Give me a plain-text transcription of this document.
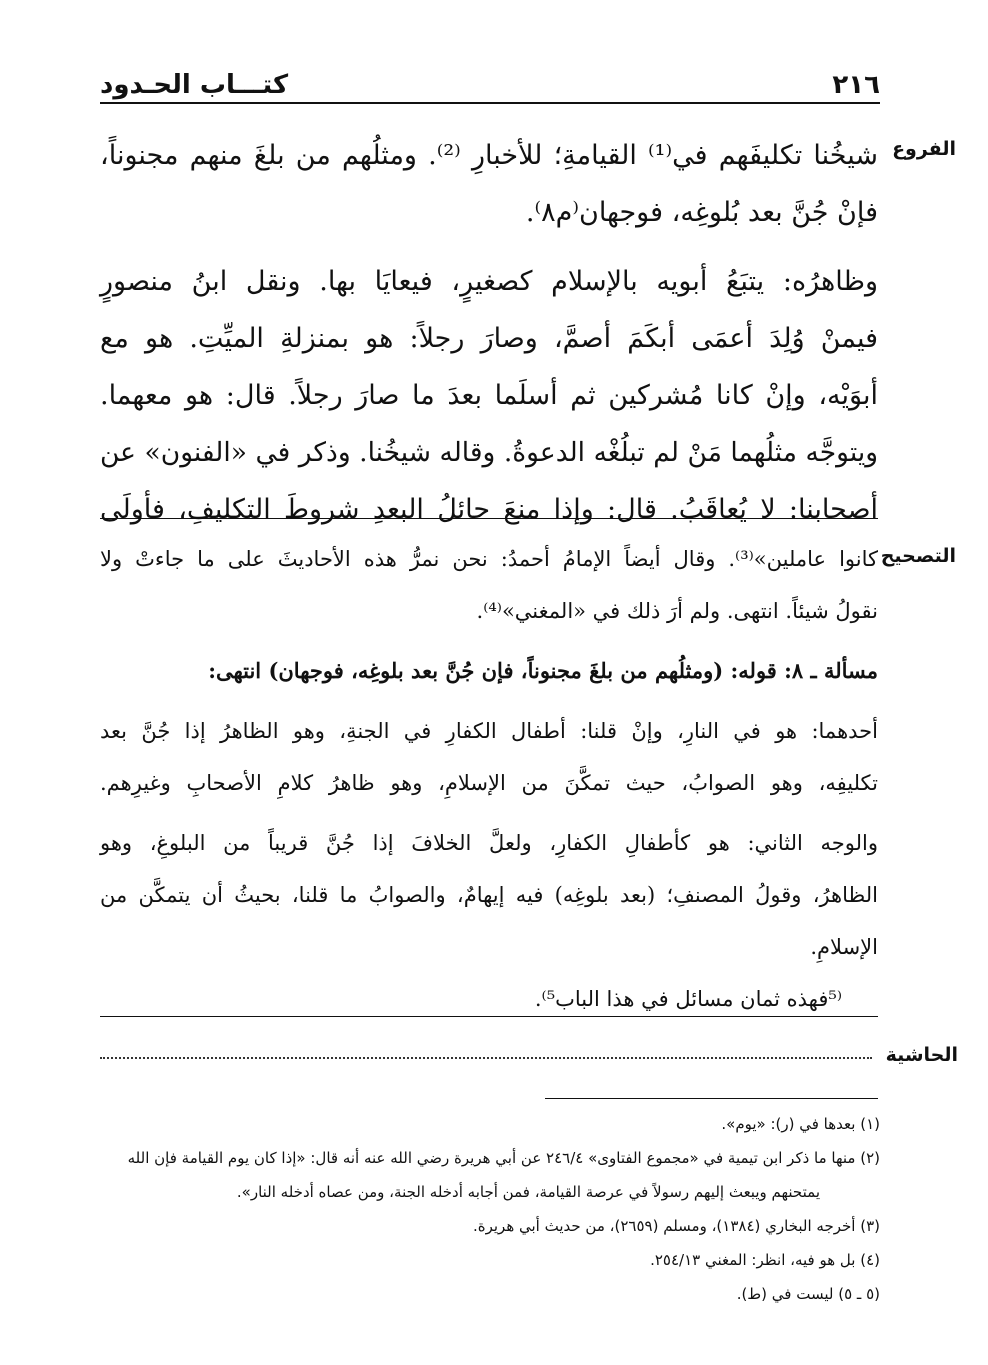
٢١٦
كتـــاب الحـدود
الفروع
شيخُنا تكليفَهم في⁽¹⁾ القيامةِ؛ للأخبارِ ⁽²⁾. ومثلُهم من بلغَ منهم مجنوناً،
فإنْ جُنَّ بعد بُلوغِه، فوجهان⁽م٨⁾.
وظاهرُه: يتبَعُ أبويه بالإسلام كصغيرٍ، فيعايَا بها. ونقل ابنُ منصورٍ
فيمنْ وُلِدَ أعمَى أبكَمَ أصمَّ، وصارَ رجلاً: هو بمنزلةِ الميِّتِ. هو مع
أبوَيْه، وإنْ كانا مُشركين ثم أسلَما بعدَ ما صارَ رجلاً. قال: هو معهما.
ويتوجَّه مثلُهما مَنْ لم تبلُغْه الدعوةُ. وقاله شيخُنا. وذكر في «الفنون» عن
أصحابنا: لا يُعاقَبُ. قال: وإذا منعَ حائلُ البعدِ شروطَ التكليفِ، فأولَى
التصحيح
كانوا عاملين»⁽³⁾. وقال أيضاً الإمامُ أحمدُ: نحن نمرُّ هذه الأحاديثَ على ما جاءتْ ولا
نقولُ شيئاً. انتهى. ولم أرَ ذلك في «المغني»⁽⁴⁾.
مسألة ـ ٨: قوله: (ومثلُهم من بلغَ مجنوناً، فإن جُنَّ بعد بلوغِه، فوجهان) انتهى:
أحدهما: هو في النارِ، وإنْ قلنا: أطفال الكفارِ في الجنةِ، وهو الظاهرُ إذا جُنَّ بعد
تكليفِه، وهو الصوابُ، حيث تمكَّنَ من الإسلامِ، وهو ظاهرُ كلامِ الأصحابِ وغيرِهم.
والوجه الثاني: هو كأطفالِ الكفارِ، ولعلَّ الخلافَ إذا جُنَّ قريباً من البلوغِ، وهو
الظاهرُ، وقولُ المصنفِ؛ (بعد بلوغِه) فيه إيهامٌ، والصوابُ ما قلنا، بحيثُ أن يتمكَّن من
الإسلامِ.
⁽⁵فهذه ثمان مسائل في هذا الباب⁵⁾.
الحاشية
(١) بعدها في (ر): «يوم».
(٢) منها ما ذكر ابن تيمية في «مجموع الفتاوى» ٢٤٦/٤ عن أبي هريرة رضي الله عنه أنه قال: «إذا كان يوم القيامة فإن الله
يمتحنهم ويبعث إليهم رسولاً في عرصة القيامة، فمن أجابه أدخله الجنة، ومن عصاه أدخله النار».
(٣) أخرجه البخاري (١٣٨٤)، ومسلم (٢٦٥٩)، من حديث أبي هريرة.
(٤) بل هو فيه، انظر: المغني ٢٥٤/١٣.
(٥ ـ ٥) ليست في (ط).
